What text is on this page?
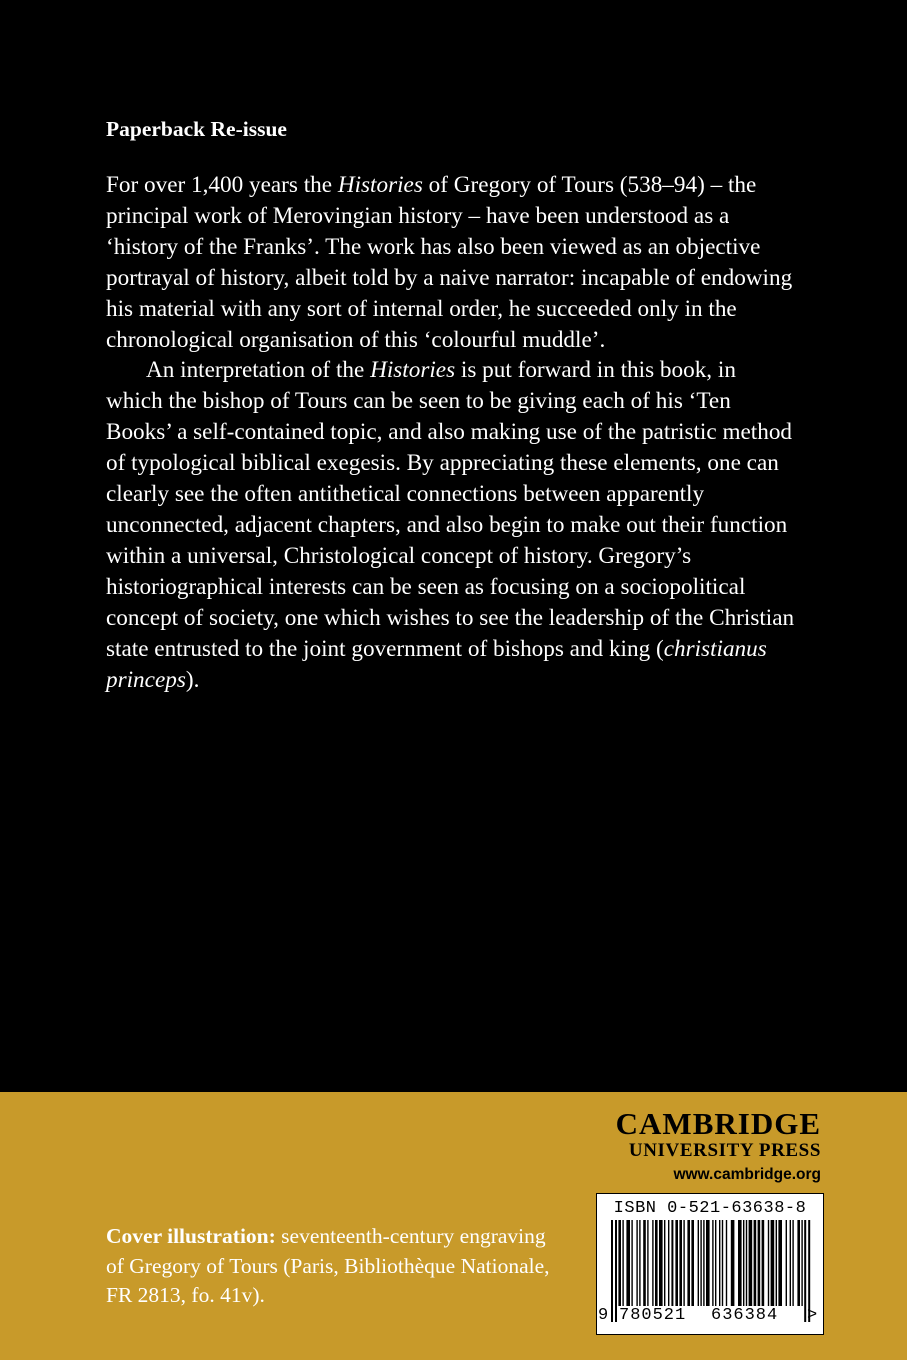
Paperback Re-issue

For over 1,400 years the Histories of Gregory of Tours (538–94) – the principal work of Merovingian history – have been understood as a ‘history of the Franks’. The work has also been viewed as an objective portrayal of history, albeit told by a naive narrator: incapable of endowing his material with any sort of internal order, he succeeded only in the chronological organisation of this ‘colourful muddle’.

An interpretation of the Histories is put forward in this book, in which the bishop of Tours can be seen to be giving each of his ‘Ten Books’ a self-contained topic, and also making use of the patristic method of typological biblical exegesis. By appreciating these elements, one can clearly see the often antithetical connections between apparently unconnected, adjacent chapters, and also begin to make out their function within a universal, Christological concept of history. Gregory’s historiographical interests can be seen as focusing on a sociopolitical concept of society, one which wishes to see the leadership of the Christian state entrusted to the joint government of bishops and king (christianus princeps).

CAMBRIDGE
UNIVERSITY PRESS
www.cambridge.org
Cover illustration: seventeenth-century engraving of Gregory of Tours (Paris, Bibliothèque Nationale, FR 2813, fo. 41v).
ISBN 0-521-63638-8
9 780521 636384 >
